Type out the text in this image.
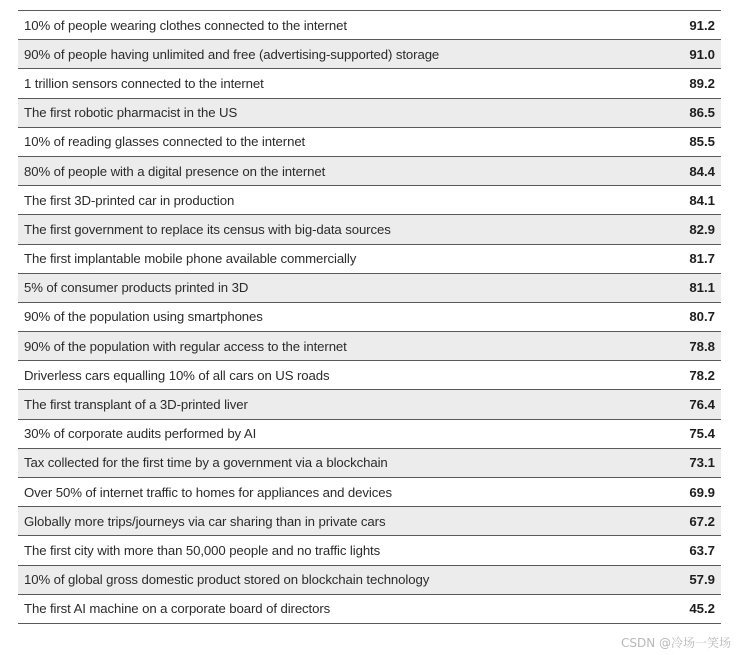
10% of people wearing clothes connected to the internet	91.2
90% of people having unlimited and free (advertising-supported) storage	91.0
1 trillion sensors connected to the internet	89.2
The first robotic pharmacist in the US	86.5
10% of reading glasses connected to the internet	85.5
80% of people with a digital presence on the internet	84.4
The first 3D-printed car in production	84.1
The first government to replace its census with big-data sources	82.9
The first implantable mobile phone available commercially	81.7
5% of consumer products printed in 3D	81.1
90% of the population using smartphones	80.7
90% of the population with regular access to the internet	78.8
Driverless cars equalling 10% of all cars on US roads	78.2
The first transplant of a 3D-printed liver	76.4
30% of corporate audits performed by AI	75.4
Tax collected for the first time by a government via a blockchain	73.1
Over 50% of internet traffic to homes for appliances and devices	69.9
Globally more trips/journeys via car sharing than in private cars	67.2
The first city with more than 50,000 people and no traffic lights	63.7
10% of global gross domestic product stored on blockchain technology	57.9
The first AI machine on a corporate board of directors	45.2
CSDN @冷场一笑场
